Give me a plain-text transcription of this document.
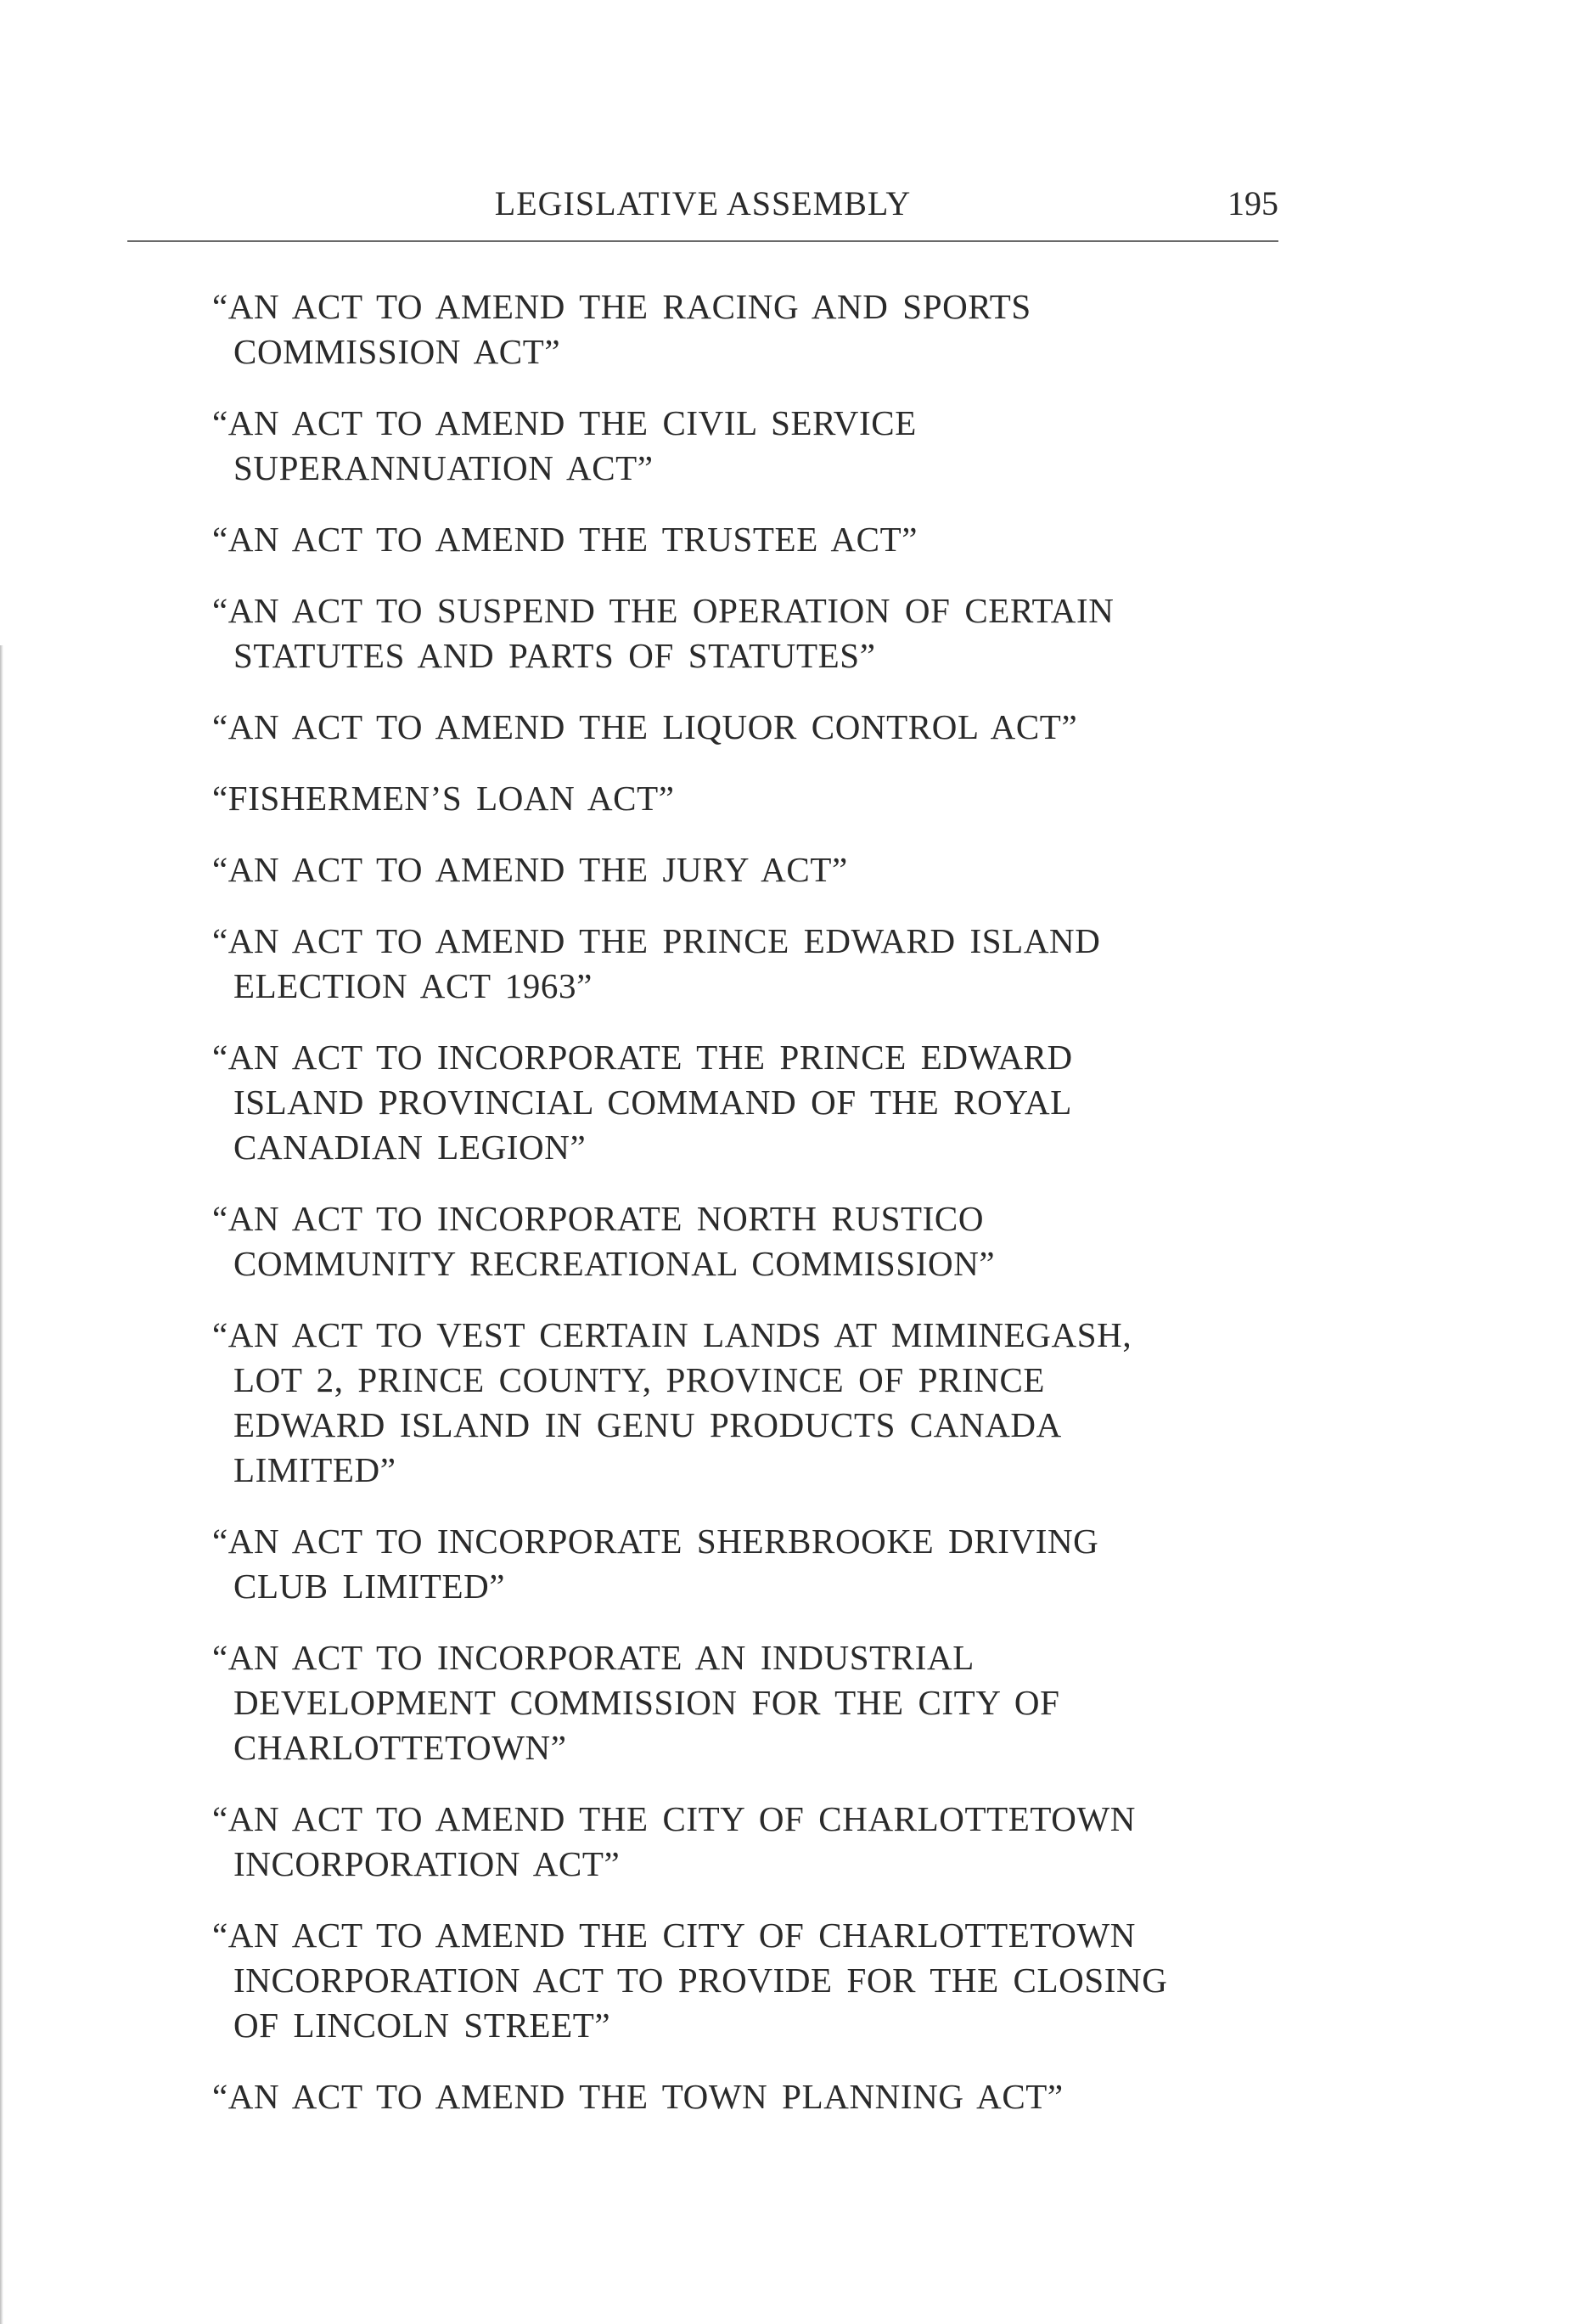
LEGISLATIVE ASSEMBLY	195
“AN ACT TO AMEND THE RACING AND SPORTS
COMMISSION ACT”
“AN ACT TO AMEND THE CIVIL SERVICE
SUPERANNUATION ACT”
“AN ACT TO AMEND THE TRUSTEE ACT”
“AN ACT TO SUSPEND THE OPERATION OF CERTAIN
STATUTES AND PARTS OF STATUTES”
“AN ACT TO AMEND THE LIQUOR CONTROL ACT”
“FISHERMEN’S LOAN ACT”
“AN ACT TO AMEND THE JURY ACT”
“AN ACT TO AMEND THE PRINCE EDWARD ISLAND
ELECTION ACT 1963”
“AN ACT TO INCORPORATE THE PRINCE EDWARD
ISLAND PROVINCIAL COMMAND OF THE ROYAL
CANADIAN LEGION”
“AN ACT TO INCORPORATE NORTH RUSTICO
COMMUNITY RECREATIONAL COMMISSION”
“AN ACT TO VEST CERTAIN LANDS AT MIMINEGASH,
LOT 2, PRINCE COUNTY, PROVINCE OF PRINCE
EDWARD ISLAND IN GENU PRODUCTS CANADA
LIMITED”
“AN ACT TO INCORPORATE SHERBROOKE DRIVING
CLUB LIMITED”
“AN ACT TO INCORPORATE AN INDUSTRIAL
DEVELOPMENT COMMISSION FOR THE CITY OF
CHARLOTTETOWN”
“AN ACT TO AMEND THE CITY OF CHARLOTTETOWN
INCORPORATION ACT”
“AN ACT TO AMEND THE CITY OF CHARLOTTETOWN
INCORPORATION ACT TO PROVIDE FOR THE CLOSING
OF LINCOLN STREET”
“AN ACT TO AMEND THE TOWN PLANNING ACT”
